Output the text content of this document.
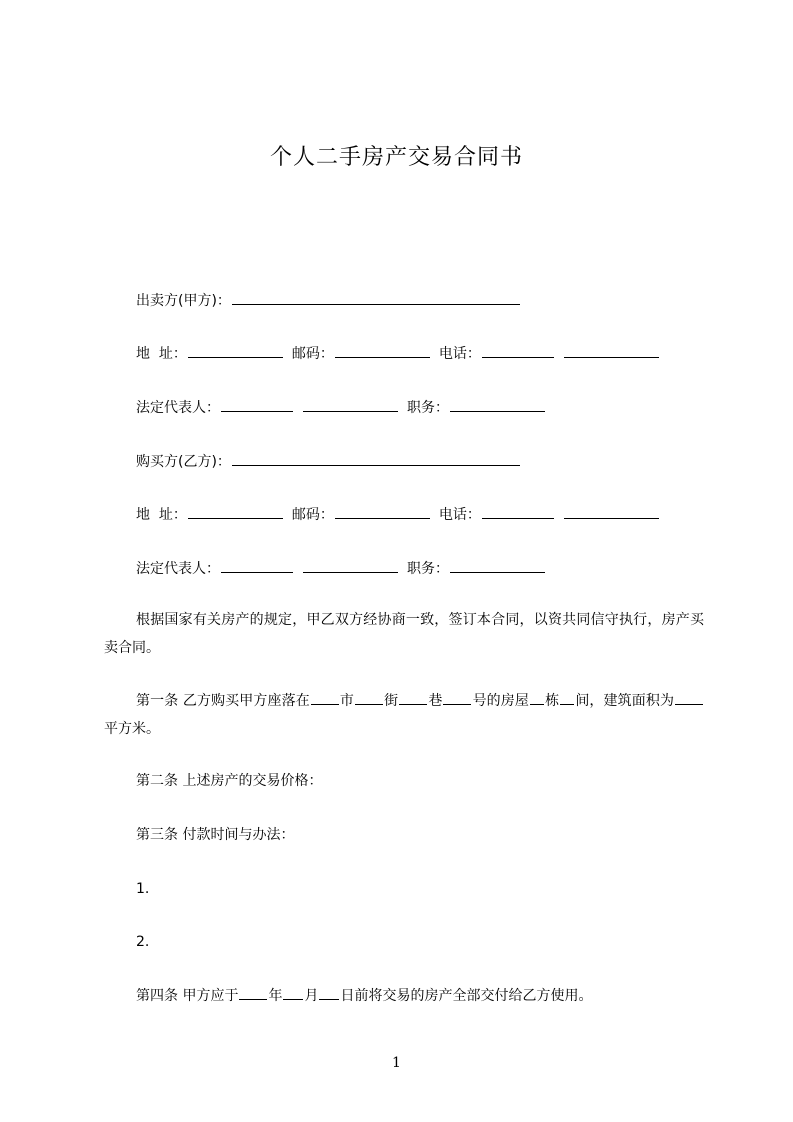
个人二手房产交易合同书
出卖方(甲方)：
地  址：	邮码：	电话：
法定代表人：	职务：
购买方(乙方)：
地  址：	邮码：	电话：
法定代表人：	职务：

根据国家有关房产的规定，甲乙双方经协商一致，签订本合同，以资共同信守执行，房产买卖合同。

第一条 乙方购买甲方座落在 市 街 巷 号的房屋 栋 间，建筑面积为平方米。

第二条 上述房产的交易价格：
第三条 付款时间与办法：
1.
2.
第四条 甲方应于 年 月 日前将交易的房产全部交付给乙方使用。
1
